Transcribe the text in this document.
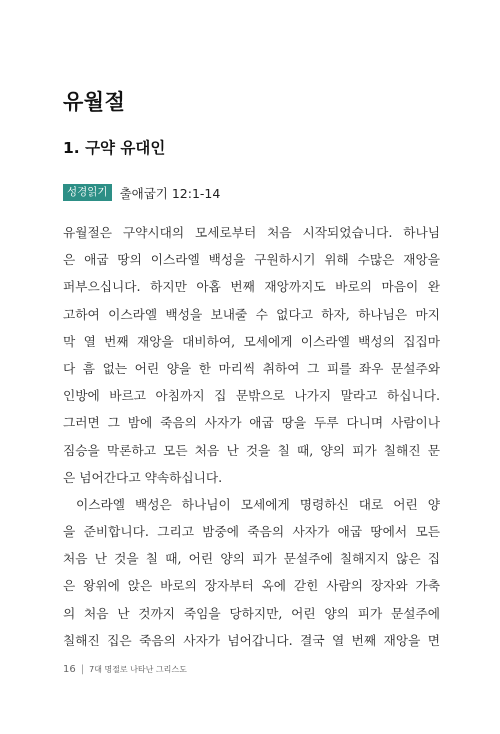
유월절
1. 구약 유대인
성경읽기 출애굽기 12:1-14

유월절은 구약시대의 모세로부터 처음 시작되었습니다. 하나님
은 애굽 땅의 이스라엘 백성을 구원하시기 위해 수많은 재앙을
퍼부으십니다. 하지만 아홉 번째 재앙까지도 바로의 마음이 완
고하여 이스라엘 백성을 보내줄 수 없다고 하자, 하나님은 마지
막 열 번째 재앙을 대비하여, 모세에게 이스라엘 백성의 집집마
다 흠 없는 어린 양을 한 마리씩 취하여 그 피를 좌우 문설주와
인방에 바르고 아침까지 집 문밖으로 나가지 말라고 하십니다.
그러면 그 밤에 죽음의 사자가 애굽 땅을 두루 다니며 사람이나
짐승을 막론하고 모든 처음 난 것을 칠 때, 양의 피가 칠해진 문
은 넘어간다고 약속하십니다.

이스라엘 백성은 하나님이 모세에게 명령하신 대로 어린 양
을 준비합니다. 그리고 밤중에 죽음의 사자가 애굽 땅에서 모든
처음 난 것을 칠 때, 어린 양의 피가 문설주에 칠해지지 않은 집
은 왕위에 앉은 바로의 장자부터 옥에 갇힌 사람의 장자와 가축
의 처음 난 것까지 죽임을 당하지만, 어린 양의 피가 문설주에
칠해진 집은 죽음의 사자가 넘어갑니다. 결국 열 번째 재앙을 면

16 | 7대 명절로 나타난 그리스도
